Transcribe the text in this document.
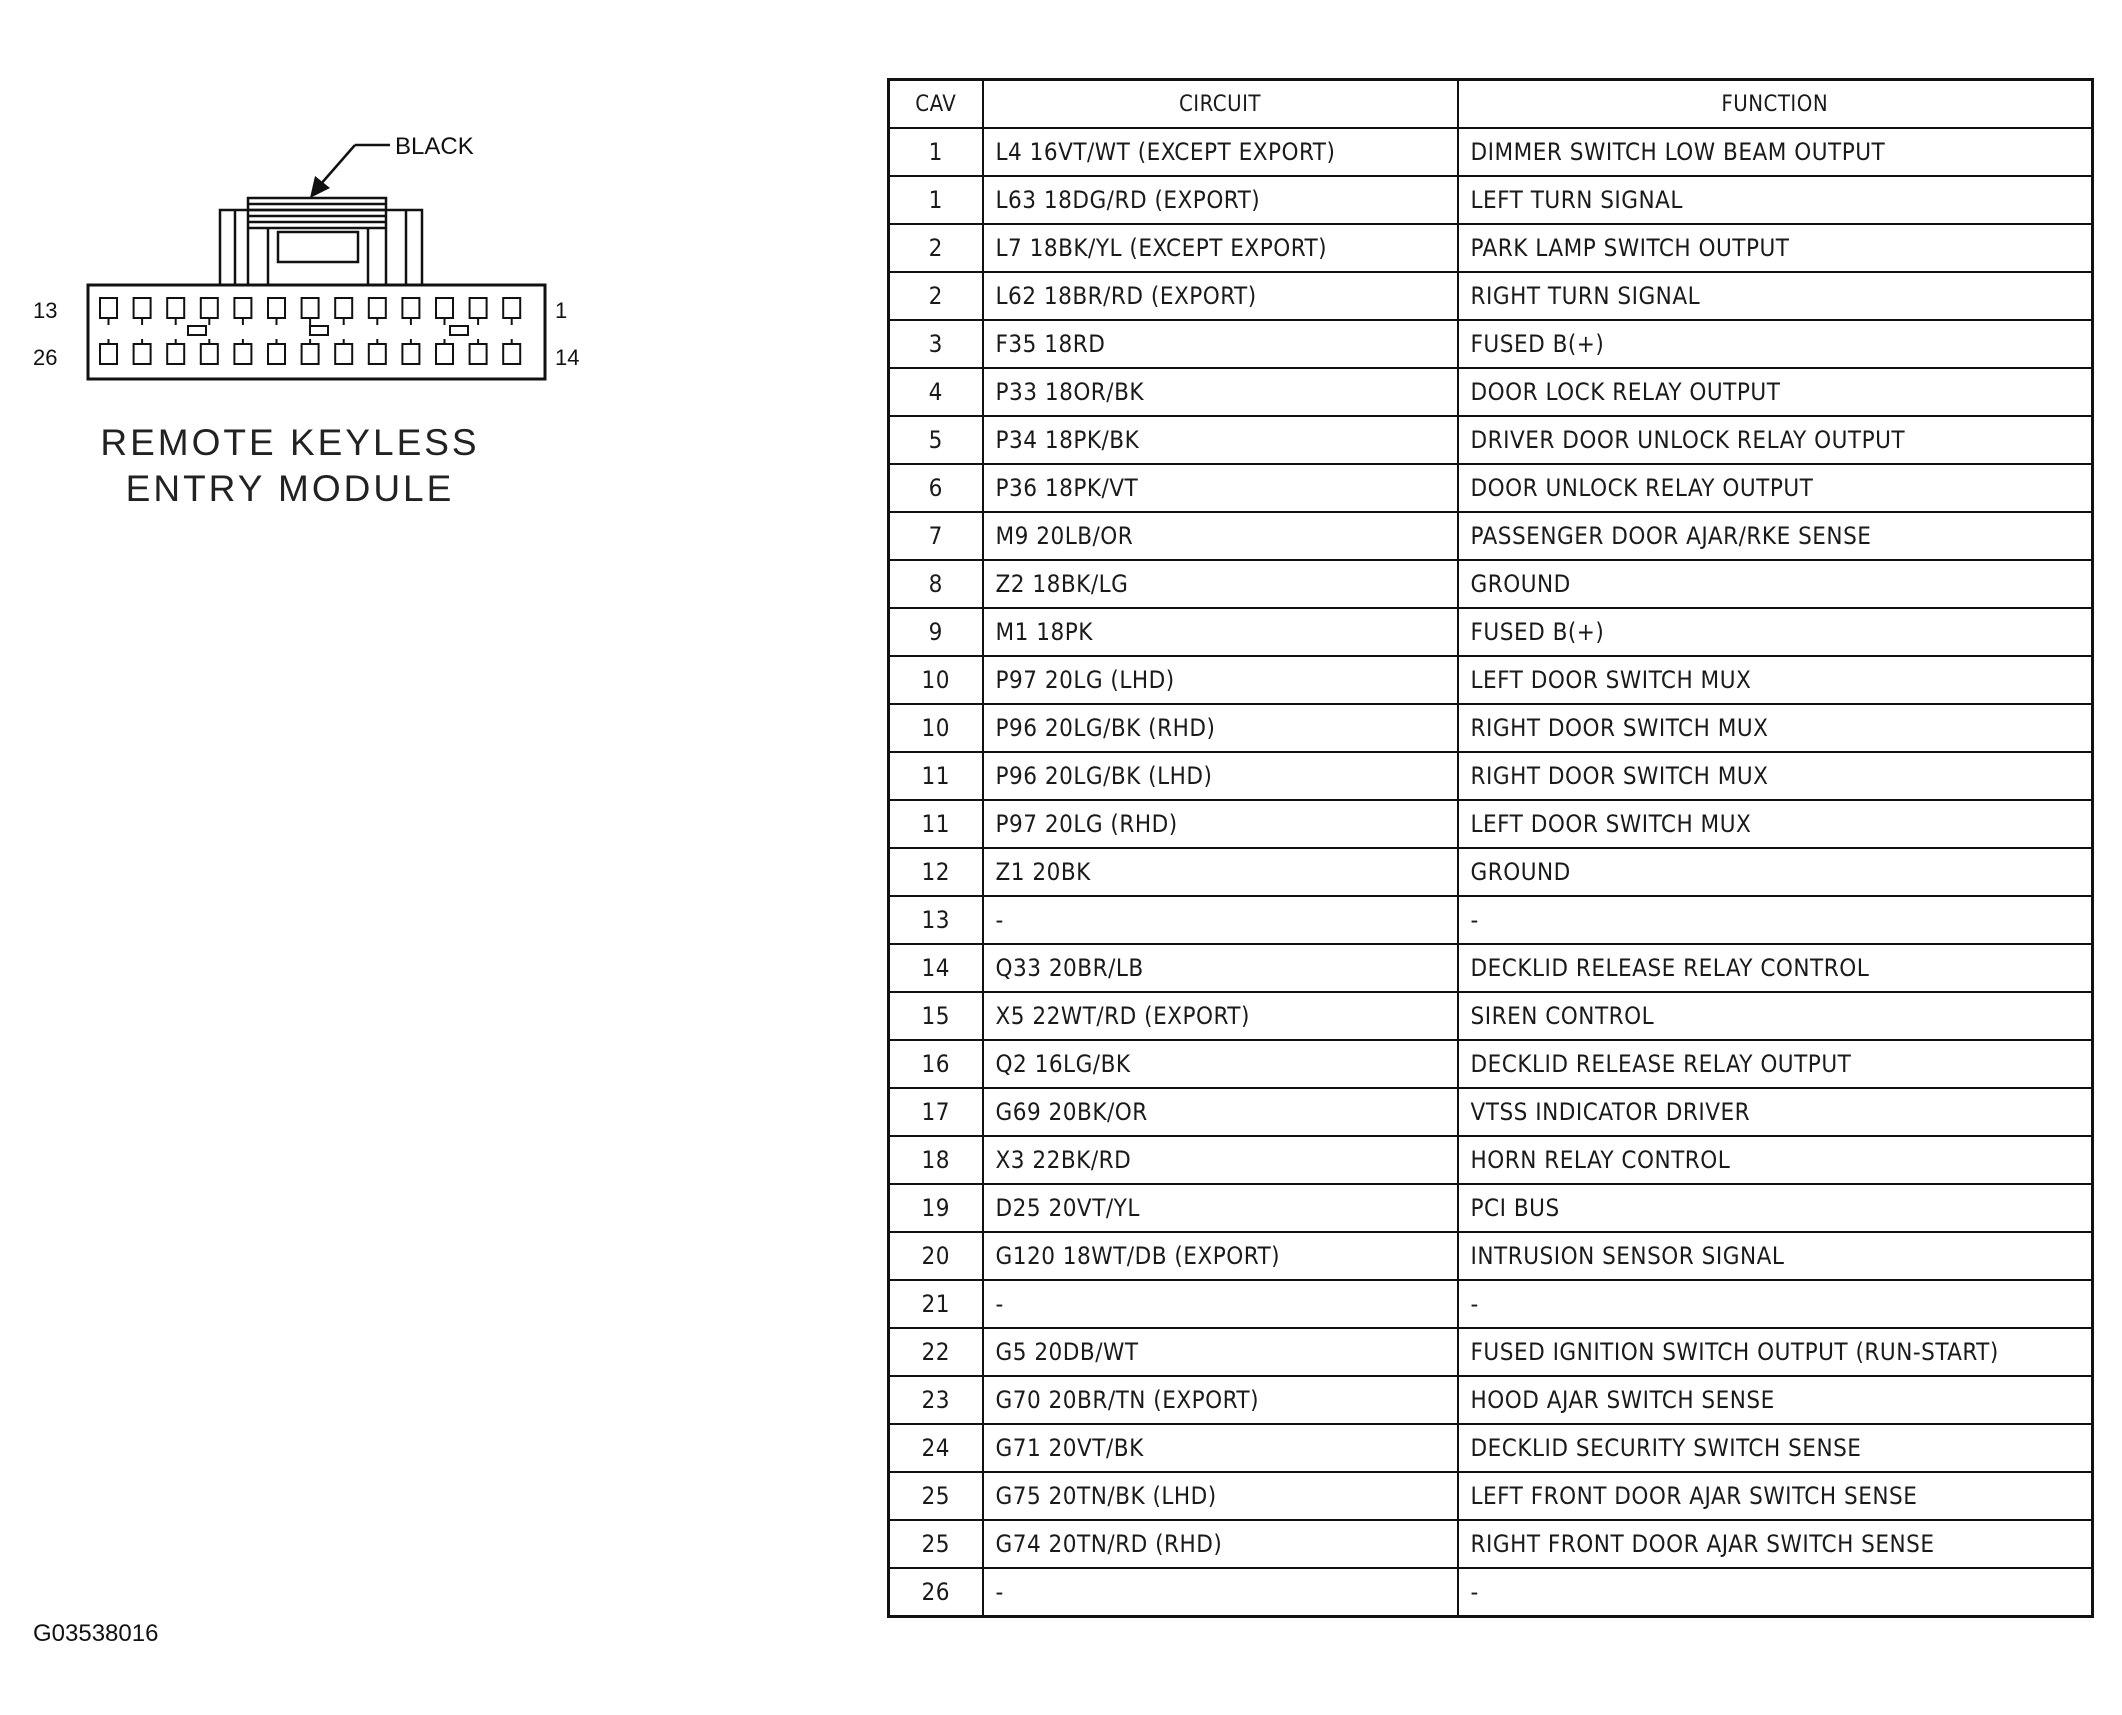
BLACK
13	1
26	14
REMOTE KEYLESS
ENTRY MODULE
CAV	CIRCUIT	FUNCTION
1	L4 16VT/WT (EXCEPT EXPORT)	DIMMER SWITCH LOW BEAM OUTPUT
1	L63 18DG/RD (EXPORT)	LEFT TURN SIGNAL
2	L7 18BK/YL (EXCEPT EXPORT)	PARK LAMP SWITCH OUTPUT
2	L62 18BR/RD (EXPORT)	RIGHT TURN SIGNAL
3	F35 18RD	FUSED B(+)
4	P33 18OR/BK	DOOR LOCK RELAY OUTPUT
5	P34 18PK/BK	DRIVER DOOR UNLOCK RELAY OUTPUT
6	P36 18PK/VT	DOOR UNLOCK RELAY OUTPUT
7	M9 20LB/OR	PASSENGER DOOR AJAR/RKE SENSE
8	Z2 18BK/LG	GROUND
9	M1 18PK	FUSED B(+)
10	P97 20LG (LHD)	LEFT DOOR SWITCH MUX
10	P96 20LG/BK (RHD)	RIGHT DOOR SWITCH MUX
11	P96 20LG/BK (LHD)	RIGHT DOOR SWITCH MUX
11	P97 20LG (RHD)	LEFT DOOR SWITCH MUX
12	Z1 20BK	GROUND
13	-	-
14	Q33 20BR/LB	DECKLID RELEASE RELAY CONTROL
15	X5 22WT/RD (EXPORT)	SIREN CONTROL
16	Q2 16LG/BK	DECKLID RELEASE RELAY OUTPUT
17	G69 20BK/OR	VTSS INDICATOR DRIVER
18	X3 22BK/RD	HORN RELAY CONTROL
19	D25 20VT/YL	PCI BUS
20	G120 18WT/DB (EXPORT)	INTRUSION SENSOR SIGNAL
21	-	-
22	G5 20DB/WT	FUSED IGNITION SWITCH OUTPUT (RUN-START)
23	G70 20BR/TN (EXPORT)	HOOD AJAR SWITCH SENSE
24	G71 20VT/BK	DECKLID SECURITY SWITCH SENSE
25	G75 20TN/BK (LHD)	LEFT FRONT DOOR AJAR SWITCH SENSE
25	G74 20TN/RD (RHD)	RIGHT FRONT DOOR AJAR SWITCH SENSE
26	-	-
G03538016
